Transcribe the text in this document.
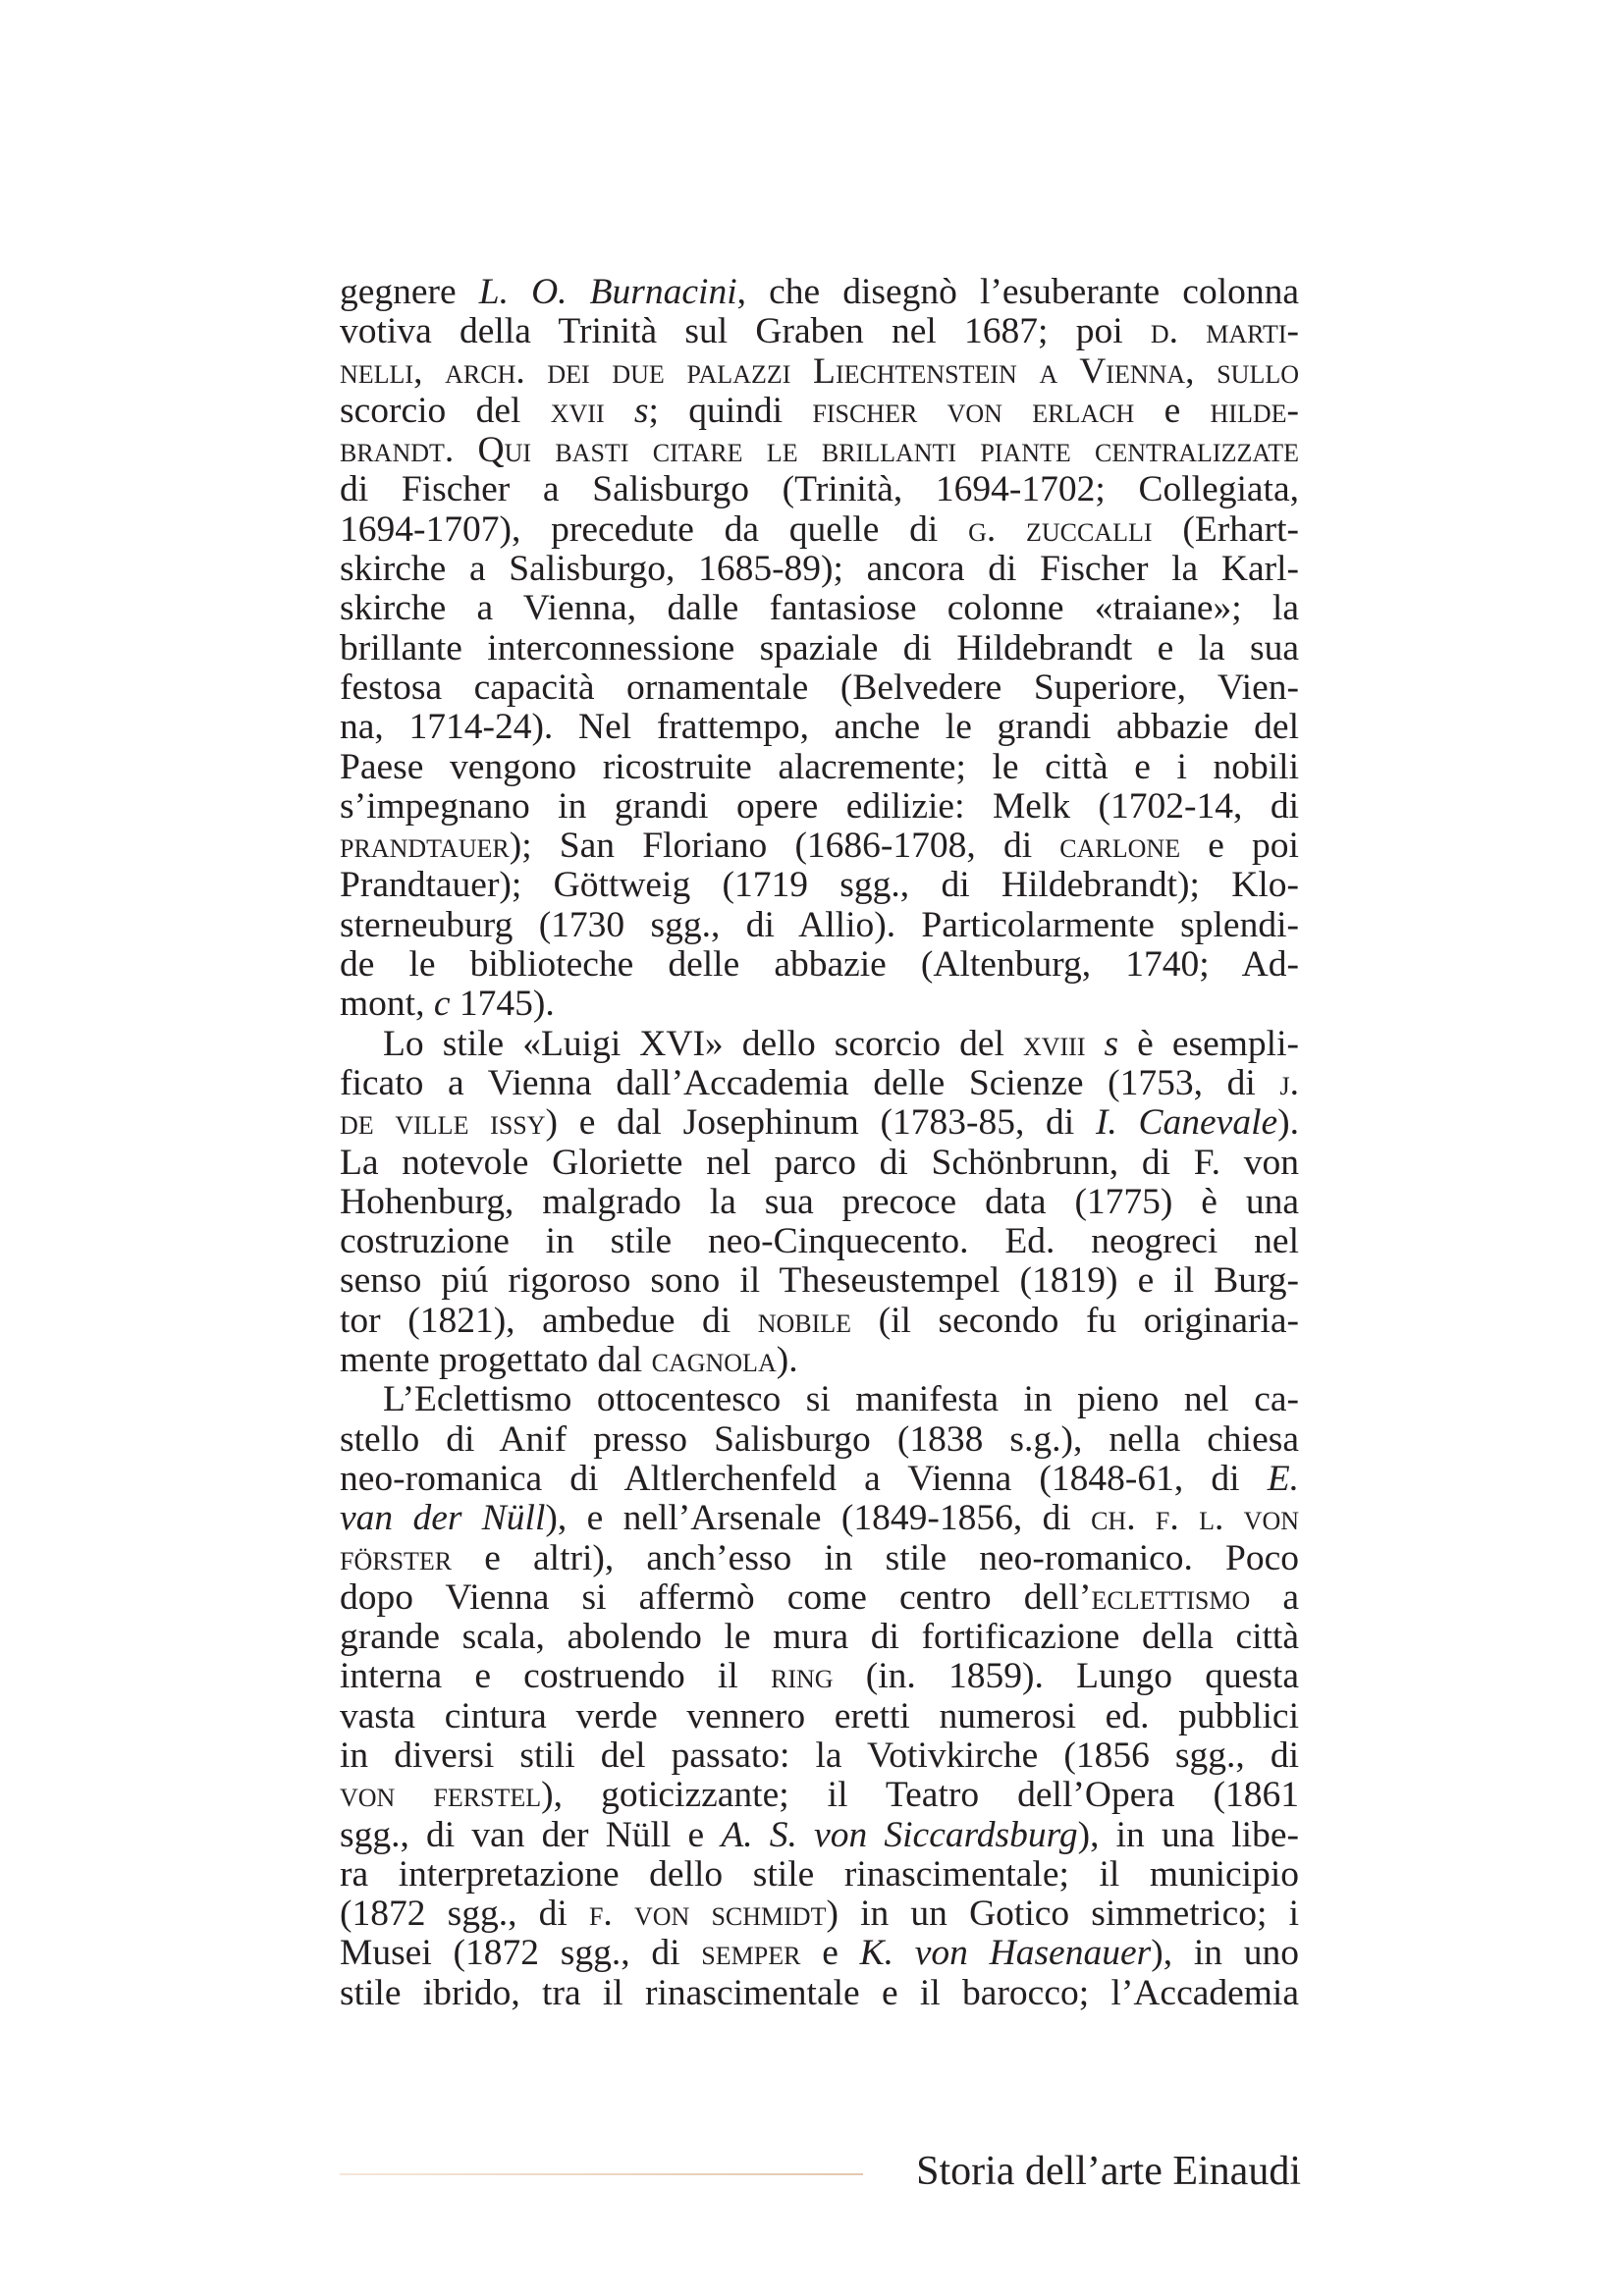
gegnere L. O. Burnacini, che disegnò l’esuberante colonna
votiva della Trinità sul Graben nel 1687; poi d. marti-
nelli, arch. dei due palazzi Liechtenstein a Vienna, sullo
scorcio del xvii s; quindi fischer von erlach e hilde-
brandt. Qui basti citare le brillanti piante centralizzate
di Fischer a Salisburgo (Trinità, 1694-1702; Collegiata,
1694-1707), precedute da quelle di g. zuccalli (Erhart-
skirche a Salisburgo, 1685-89); ancora di Fischer la Karl-
skirche a Vienna, dalle fantasiose colonne «traiane»; la
brillante interconnessione spaziale di Hildebrandt e la sua
festosa capacità ornamentale (Belvedere Superiore, Vien-
na, 1714-24). Nel frattempo, anche le grandi abbazie del
Paese vengono ricostruite alacremente; le città e i nobili
s’impegnano in grandi opere edilizie: Melk (1702-14, di
prandtauer); San Floriano (1686-1708, di carlone e poi
Prandtauer); Göttweig (1719 sgg., di Hildebrandt); Klo-
sterneuburg (1730 sgg., di Allio). Particolarmente splendi-
de le biblioteche delle abbazie (Altenburg, 1740; Ad-
mont, c 1745).
Lo stile «Luigi XVI» dello scorcio del xviii s è esempli-
ficato a Vienna dall’Accademia delle Scienze (1753, di j.
de ville issy) e dal Josephinum (1783-85, di I. Canevale).
La notevole Gloriette nel parco di Schönbrunn, di F. von
Hohenburg, malgrado la sua precoce data (1775) è una
costruzione in stile neo-Cinquecento. Ed. neogreci nel
senso piú rigoroso sono il Theseustempel (1819) e il Burg-
tor (1821), ambedue di nobile (il secondo fu originaria-
mente progettato dal cagnola).
L’Eclettismo ottocentesco si manifesta in pieno nel ca-
stello di Anif presso Salisburgo (1838 s.g.), nella chiesa
neo-romanica di Altlerchenfeld a Vienna (1848-61, di E.
van der Nüll), e nell’Arsenale (1849-1856, di ch. f. l. von
förster e altri), anch’esso in stile neo-romanico. Poco
dopo Vienna si affermò come centro dell’eclettismo a
grande scala, abolendo le mura di fortificazione della città
interna e costruendo il ring (in. 1859). Lungo questa
vasta cintura verde vennero eretti numerosi ed. pubblici
in diversi stili del passato: la Votivkirche (1856 sgg., di
von ferstel), goticizzante; il Teatro dell’Opera (1861
sgg., di van der Nüll e A. S. von Siccardsburg), in una libe-
ra interpretazione dello stile rinascimentale; il municipio
(1872 sgg., di f. von schmidt) in un Gotico simmetrico; i
Musei (1872 sgg., di semper e K. von Hasenauer), in uno
stile ibrido, tra il rinascimentale e il barocco; l’Accademia
Storia dell’arte Einaudi
